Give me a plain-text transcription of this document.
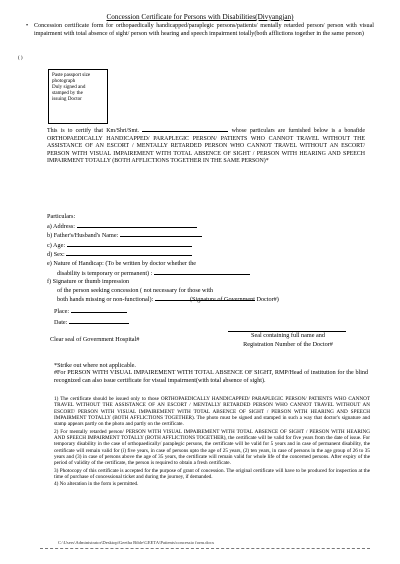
Concession Certificate for Persons with Disabilities(Divyangjan)
•
( )
Concession certificate form for orthopaedically handicapped/paraplegic persons/patients/ mentally retarded person/ person with visual impairment with total absence of sight/ person with hearing and speech impairment totally(both afflictions together in the same person)
Paste passport size
photograph
Duly signed and
stamped by the
issuing Doctor
This is to certify that Km/Shri/Smt.	whose particulars are furnished below is a bonafide ORTHOPAEDICALLY HANDICAPPED/ PARAPLEGIC PERSON/ PATIENTS WHO CANNOT TRAVEL WITHOUT THE ASSISTANCE OF AN ESCORT / MENTALLY RETARDED PERSON WHO CANNOT TRAVEL WITHOUT AN ESCORT/ PERSON WITH VISUAL IMPAIREMENT WITH TOTAL ABSENCE OF SIGHT / PERSON WITH HEARING AND SPEECH IMPAIRMENT TOTALLY (BOTH AFFLICTIONS TOGETHER IN THE SAME PERSON)*
Particulars:
a) Address:
b) Father's/Husband's Name:
c) Age:
d) Sex:
e) Nature of Handicap: (To be written by doctor whether the
disability is temporary or permanent) :
f) Signature or thumb impression
of the person seeking concession ( not necessary for those with
both hands missing or non-functional):	(Signature of Government Doctor#)
Place:
Date:
Clear seal of Government Hospital#
Seal containing full name and
Registration Number of the Doctor#
*Strike out where not applicable.
#For PERSON WITH VISUAL IMPAIREMENT WITH TOTAL ABSENCE OF SIGHT, RMP/Head of institution for the blind recognized can also issue certificate for visual impairment(with total absence of sight).

1) The certificate should be issued only to those ORTHOPAEDICALLY HANDICAPPED/ PARAPLEGIC PERSON/ PATIENTS WHO CANNOT TRAVEL WITHOUT THE ASSISTANCE OF AN ESCORT / MENTALLY RETARDED PERSON WHO CANNOT TRAVEL WITHOUT AN ESCORT/ PERSON WITH VISUAL IMPAIREMENT WITH TOTAL ABSENCE OF SIGHT / PERSON WITH HEARING AND SPEECH IMPAIRMENT TOTALLY (BOTH AFFLICTIONS TOGETHER). The photo must be signed and stamped in such a way that doctor's signature and stamp appears partly on the photo and partly on the certificate.

2) For mentally retarded person/ PERSON WITH VISUAL IMPAIREMENT WITH TOTAL ABSENCE OF SIGHT / PERSON WITH HEARING AND SPEECH IMPAIRMENT TOTALLY (BOTH AFFLICTIONS TOGETHER), the certificate will be valid for five years from the date of issue. For temporary disability in the case of orthopaedically/ paraplegic persons, the certificate will be valid for 5 years and in case of permanent disability, the certificate will remain valid for (i) five years, in case of persons upto the age of 25 years, (2) ten years, in case of persons in the age group of 26 to 35 years and (3) in case of persons above the age of 35 years, the certificate will remain valid for whole life of the concerned persons. After expiry of the period of validity of the certificate, the person is required to obtain a fresh certificate.

3) Photocopy of this certificate is accepted for the purpose of grant of concession. The original certificate will have to be produced for inspection at the time of purchase of concessional ticket and during the journey, if demanded.

4) No alteration in the form is permitted.

C:\Users\Administrator\Desktop\Geetha Bible\GEETA\Patients\concessio form.docx
